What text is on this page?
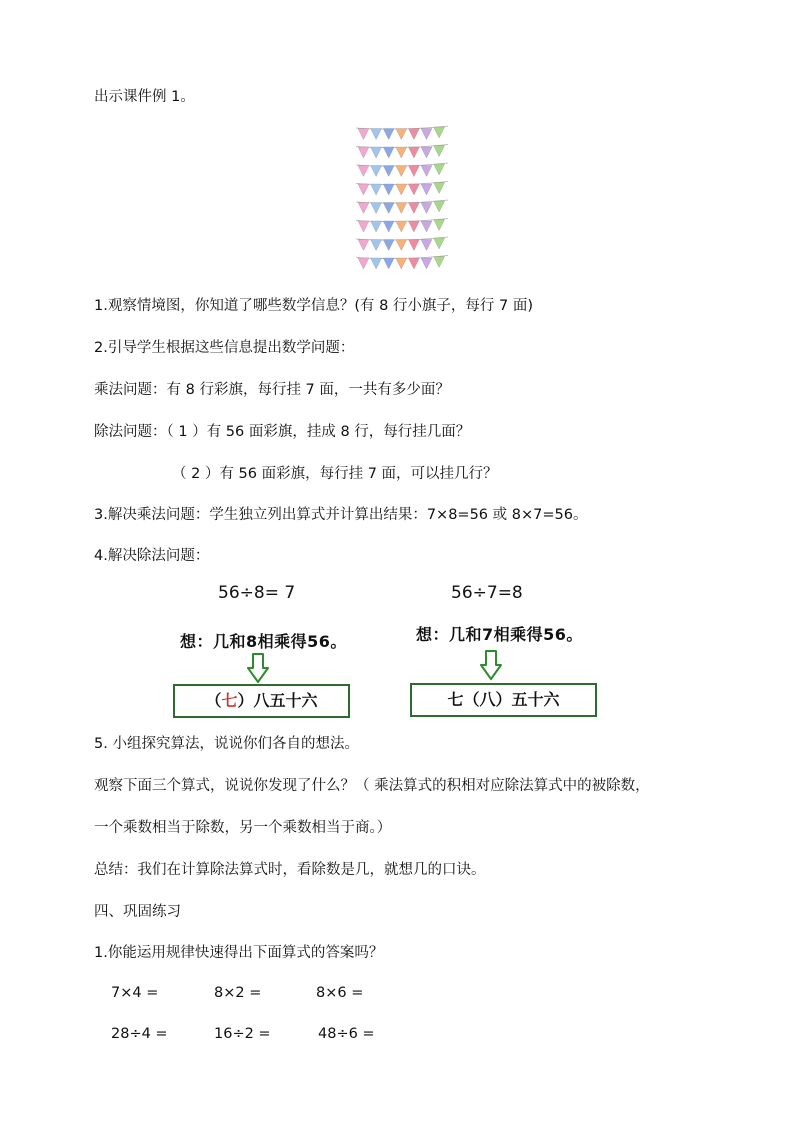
出示课件例 1。
1.观察情境图，你知道了哪些数学信息？(有 8 行小旗子，每行 7 面)
2.引导学生根据这些信息提出数学问题：
乘法问题：有 8 行彩旗，每行挂 7 面，一共有多少面？
除法问题：（ 1 ）有 56 面彩旗，挂成 8 行，每行挂几面？
（ 2 ）有 56 面彩旗，每行挂 7 面，可以挂几行？
3.解决乘法问题：学生独立列出算式并计算出结果：7×8=56 或 8×7=56。
4.解决除法问题：
56÷8= 7
想：几和8相乘得56。
（七）八五十六
56÷7=8
想：几和7相乘得56。
七（八）五十六
5. 小组探究算法，说说你们各自的想法。
观察下面三个算式，说说你发现了什么？（ 乘法算式的积相对应除法算式中的被除数，
一个乘数相当于除数，另一个乘数相当于商。）
总结：我们在计算除法算式时，看除数是几，就想几的口诀。
四、巩固练习
1.你能运用规律快速得出下面算式的答案吗？
7×4 =	8×2 =	8×6 =
28÷4 =	16÷2 =	48÷6 =
